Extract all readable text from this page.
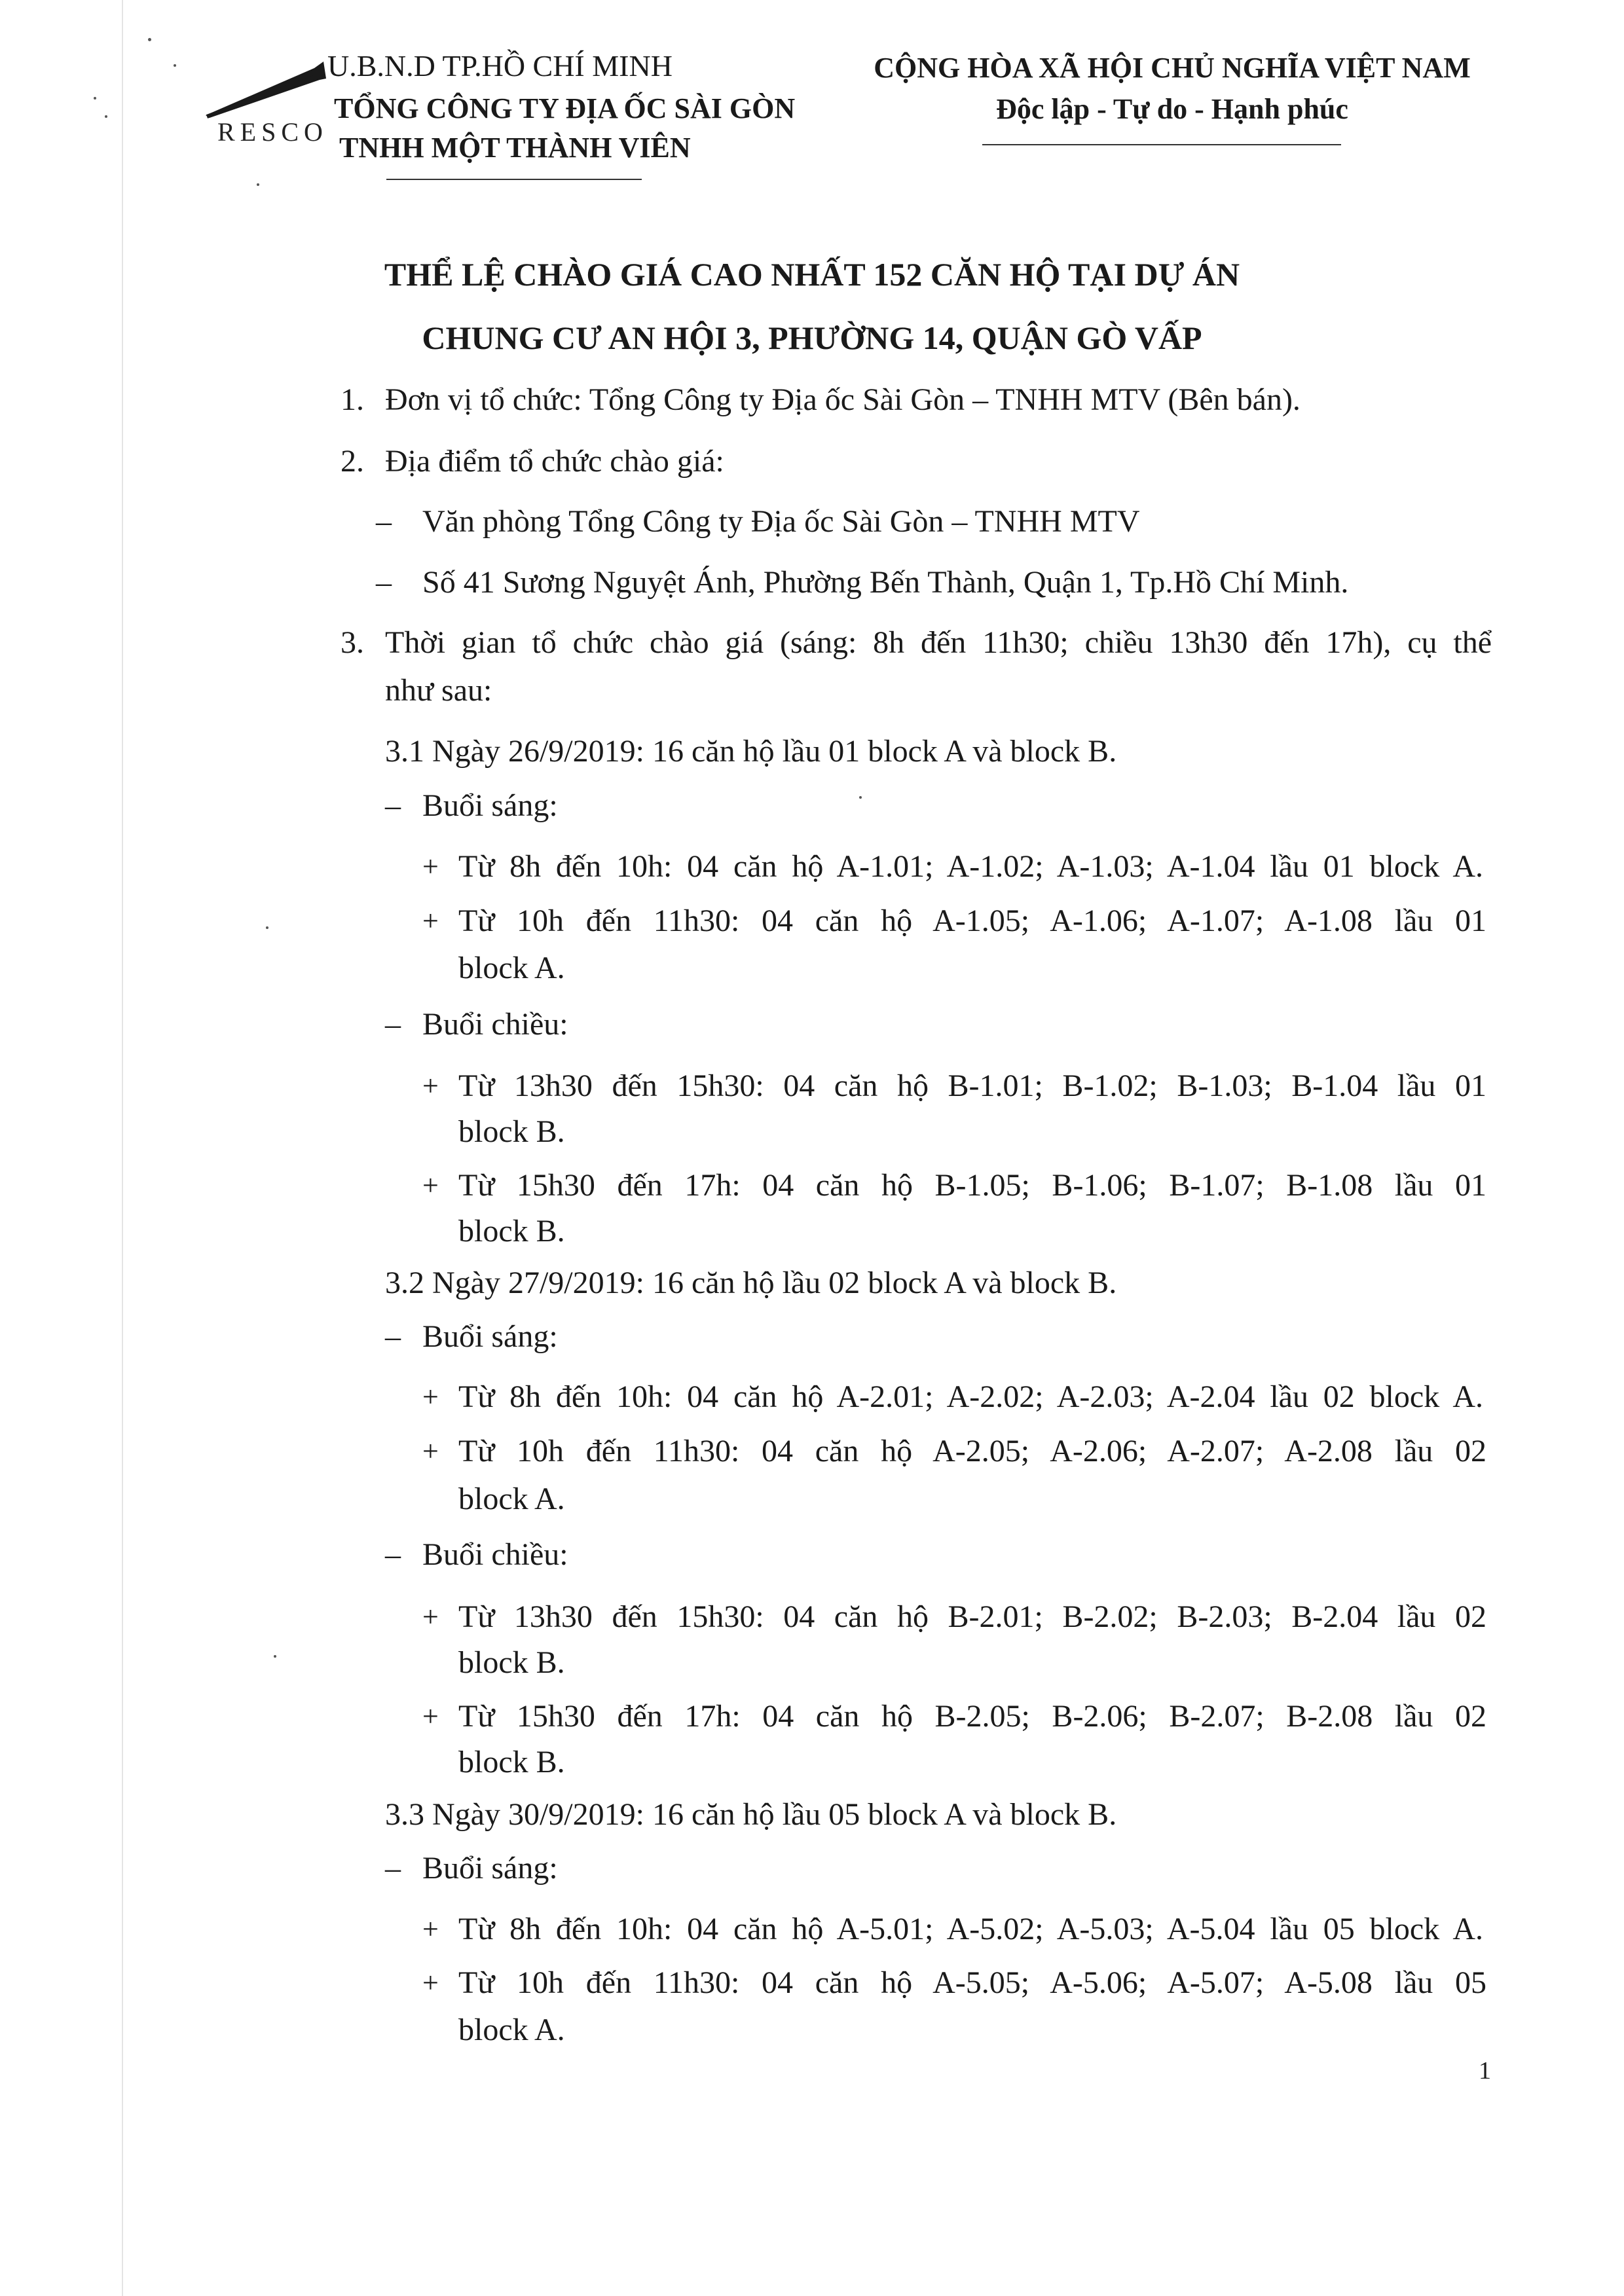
RESCO
U.B.N.D TP.HỒ CHÍ MINH
TỔNG CÔNG TY ĐỊA ỐC SÀI GÒN
TNHH MỘT THÀNH VIÊN
CỘNG HÒA XÃ HỘI CHỦ NGHĨA VIỆT NAM
Độc lập - Tự do - Hạnh phúc
THỂ LỆ CHÀO GIÁ CAO NHẤT 152 CĂN HỘ TẠI DỰ ÁN
CHUNG CƯ AN HỘI 3, PHƯỜNG 14, QUẬN GÒ VẤP
1. Đơn vị tổ chức: Tổng Công ty Địa ốc Sài Gòn – TNHH MTV (Bên bán).
2. Địa điểm tổ chức chào giá:
– Văn phòng Tổng Công ty Địa ốc Sài Gòn – TNHH MTV
– Số 41 Sương Nguyệt Ánh, Phường Bến Thành, Quận 1, Tp.Hồ Chí Minh.
3. Thời gian tổ chức chào giá (sáng: 8h đến 11h30; chiều 13h30 đến 17h), cụ thể
như sau:
3.1 Ngày 26/9/2019: 16 căn hộ lầu 01 block A và block B.
– Buổi sáng:
+ Từ 8h đến 10h: 04 căn hộ A-1.01; A-1.02; A-1.03; A-1.04 lầu 01 block A.
+ Từ 10h đến 11h30: 04 căn hộ A-1.05; A-1.06; A-1.07; A-1.08 lầu 01
block A.
– Buổi chiều:
+ Từ 13h30 đến 15h30: 04 căn hộ B-1.01; B-1.02; B-1.03; B-1.04 lầu 01
block B.
+ Từ 15h30 đến 17h: 04 căn hộ B-1.05; B-1.06; B-1.07; B-1.08 lầu 01
block B.
3.2 Ngày 27/9/2019: 16 căn hộ lầu 02 block A và block B.
– Buổi sáng:
+ Từ 8h đến 10h: 04 căn hộ A-2.01; A-2.02; A-2.03; A-2.04 lầu 02 block A.
+ Từ 10h đến 11h30: 04 căn hộ A-2.05; A-2.06; A-2.07; A-2.08 lầu 02
block A.
– Buổi chiều:
+ Từ 13h30 đến 15h30: 04 căn hộ B-2.01; B-2.02; B-2.03; B-2.04 lầu 02
block B.
+ Từ 15h30 đến 17h: 04 căn hộ B-2.05; B-2.06; B-2.07; B-2.08 lầu 02
block B.
3.3 Ngày 30/9/2019: 16 căn hộ lầu 05 block A và block B.
– Buổi sáng:
+ Từ 8h đến 10h: 04 căn hộ A-5.01; A-5.02; A-5.03; A-5.04 lầu 05 block A.
+ Từ 10h đến 11h30: 04 căn hộ A-5.05; A-5.06; A-5.07; A-5.08 lầu 05
block A.
1
